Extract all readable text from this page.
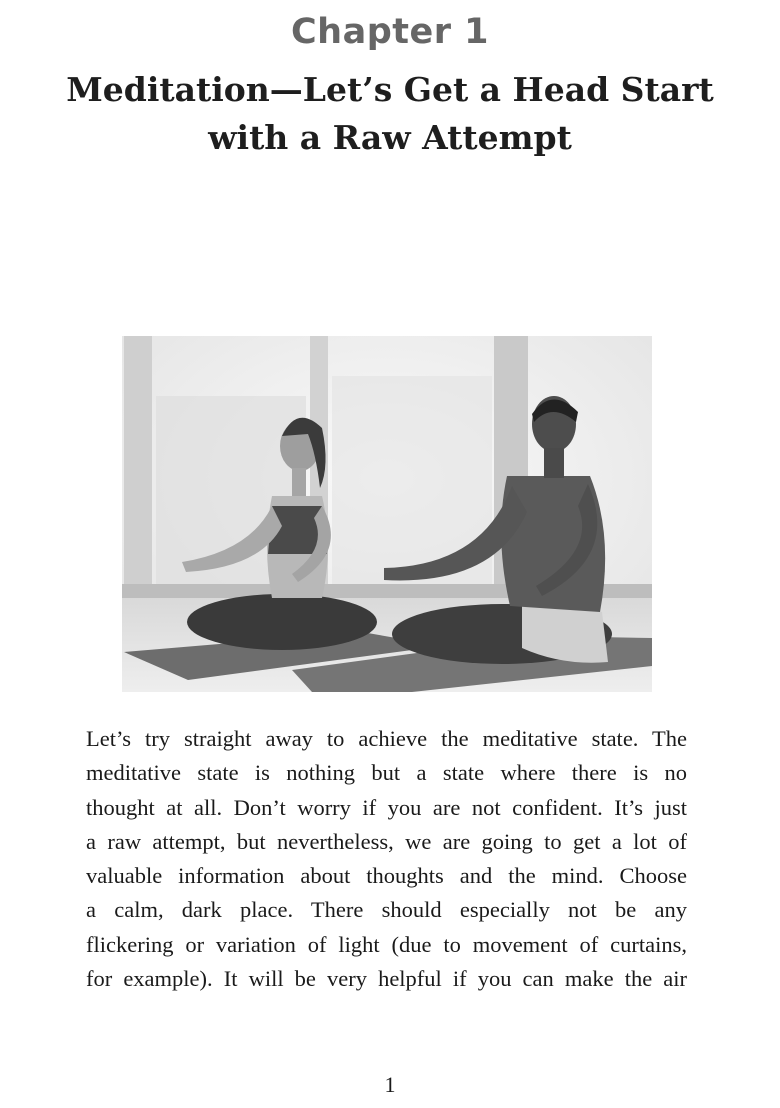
Chapter 1
Meditation—Let’s Get a Head Start
with a Raw Attempt
Let’s try straight away to achieve the meditative state. The
meditative state is nothing but a state where there is no
thought at all. Don’t worry if you are not confident. It’s just
a raw attempt, but nevertheless, we are going to get a lot of
valuable information about thoughts and the mind. Choose
a calm, dark place. There should especially not be any
flickering or variation of light (due to movement of curtains,
for example). It will be very helpful if you can make the air
1
